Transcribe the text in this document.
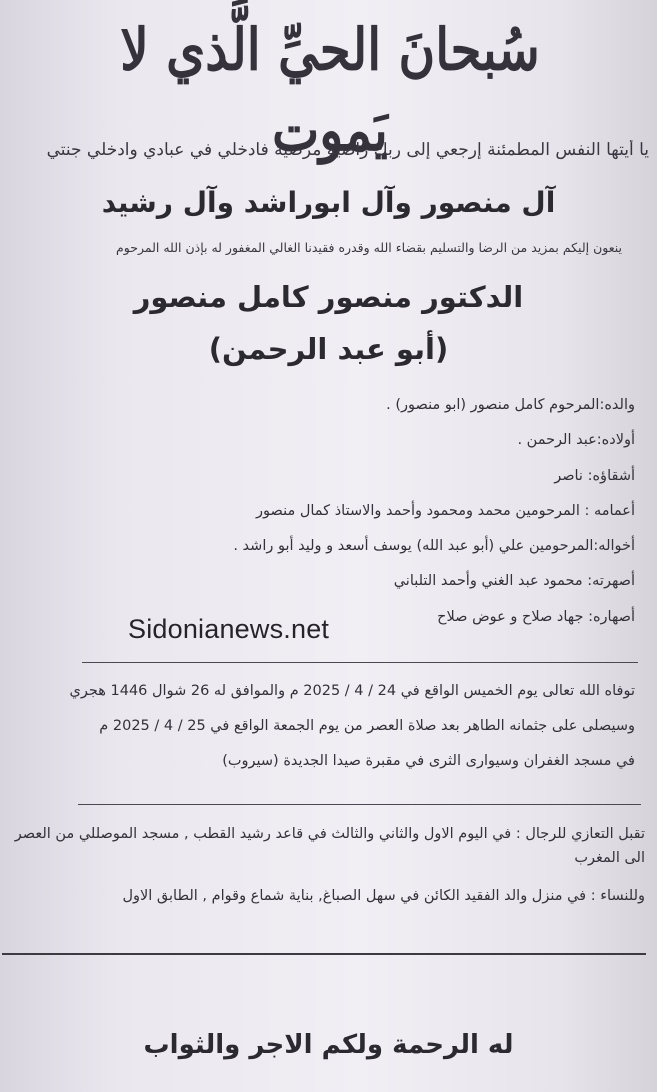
سُبحانَ الحيِّ الَّذي لا يَموت
يا أيتها النفس المطمئنة إرجعي إلى ربك راضية مرضية فادخلي في عبادي وادخلي جنتي
آل منصور وآل ابوراشد وآل رشيد
ينعون إليكم بمزيد من الرضا والتسليم بقضاء الله وقدره فقيدنا الغالي المغفور له بإذن الله المرحوم
الدكتور منصور كامل منصور
(أبو عبد الرحمن)
والده:المرحوم كامل منصور (ابو منصور) .
أولاده:عبد الرحمن .
أشقاؤه: ناصر
أعمامه : المرحومين محمد ومحمود وأحمد والاستاذ كمال منصور
أخواله:المرحومين علي (أبو عبد الله) يوسف أسعد و وليد أبو راشد .
أصهرته: محمود عبد الغني وأحمد التلباني
أصهاره: جهاد صلاح و عوض صلاح
Sidonianews.net
توفاه الله تعالى يوم الخميس الواقع في 24 / 4 / 2025 م والموافق له 26 شوال 1446 هجري
وسيصلى على جثمانه الطاهر بعد صلاة العصر من يوم الجمعة الواقع في 25 / 4 / 2025 م
في مسجد الغفران وسيوارى الثرى في مقبرة صيدا الجديدة (سيروب)
تقبل التعازي للرجال : في اليوم الاول والثاني والثالث في قاعد رشيد القطب , مسجد الموصللي من العصر الى المغرب
وللنساء : في منزل والد الفقيد الكائن في سهل الصباغ, بناية شماع وقوام , الطابق الاول
له الرحمة ولكم الاجر والثواب
